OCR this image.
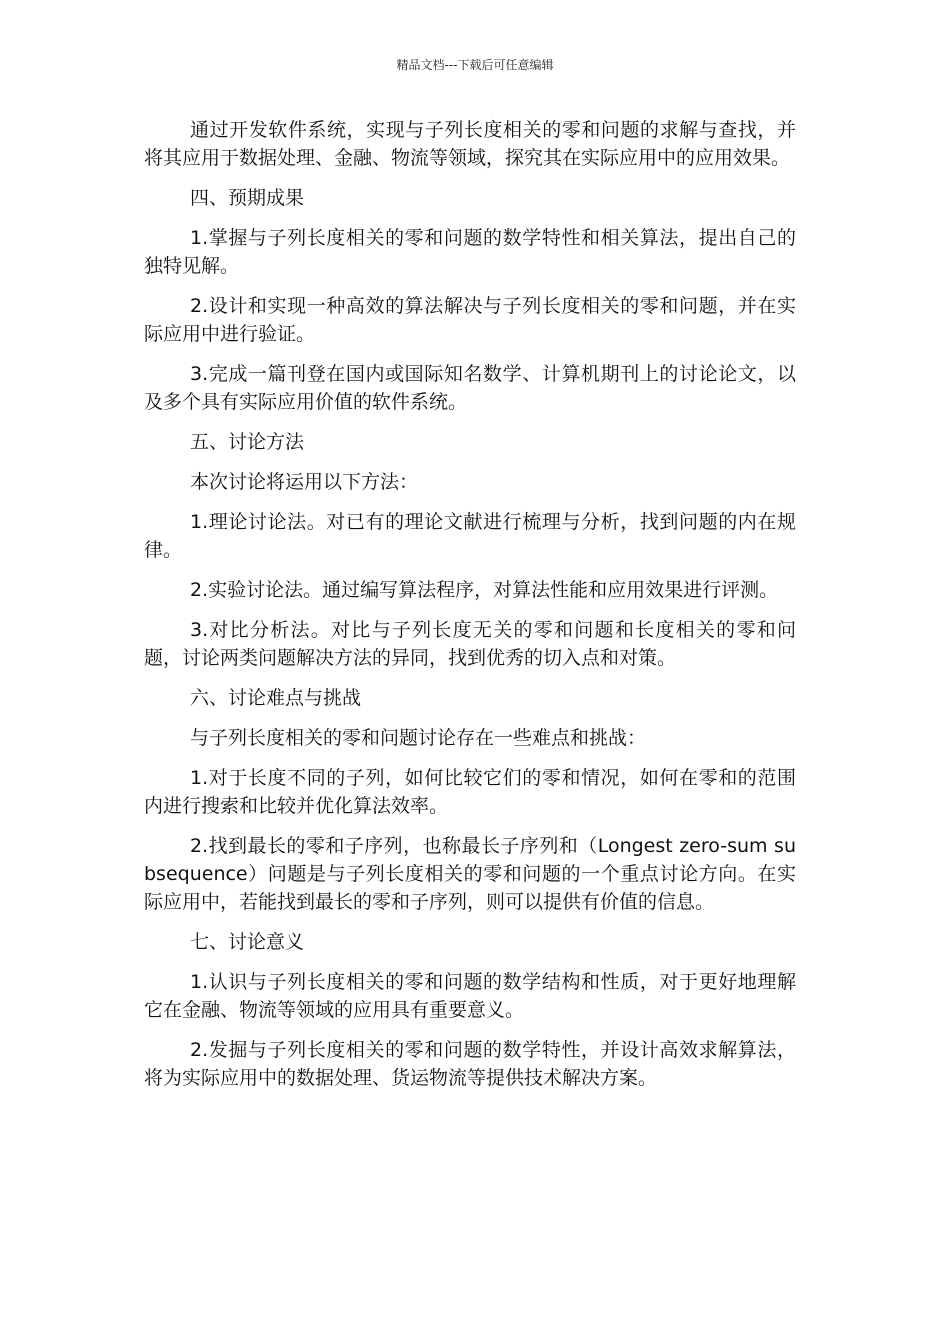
精品文档---下载后可任意编辑

通过开发软件系统，实现与子列长度相关的零和问题的求解与查找，并将其应用于数据处理、金融、物流等领域，探究其在实际应用中的应用效果。

四、预期成果

1.掌握与子列长度相关的零和问题的数学特性和相关算法，提出自己的独特见解。

2.设计和实现一种高效的算法解决与子列长度相关的零和问题，并在实际应用中进行验证。

3.完成一篇刊登在国内或国际知名数学、计算机期刊上的讨论论文，以及多个具有实际应用价值的软件系统。

五、讨论方法

本次讨论将运用以下方法：

1.理论讨论法。对已有的理论文献进行梳理与分析，找到问题的内在规律。

2.实验讨论法。通过编写算法程序，对算法性能和应用效果进行评测。

3.对比分析法。对比与子列长度无关的零和问题和长度相关的零和问题，讨论两类问题解决方法的异同，找到优秀的切入点和对策。

六、讨论难点与挑战

与子列长度相关的零和问题讨论存在一些难点和挑战：

1.对于长度不同的子列，如何比较它们的零和情况，如何在零和的范围内进行搜索和比较并优化算法效率。

2.找到最长的零和子序列，也称最长子序列和（Longest zero-sum subsequence）问题是与子列长度相关的零和问题的一个重点讨论方向。在实际应用中，若能找到最长的零和子序列，则可以提供有价值的信息。

七、讨论意义

1.认识与子列长度相关的零和问题的数学结构和性质，对于更好地理解它在金融、物流等领域的应用具有重要意义。

2.发掘与子列长度相关的零和问题的数学特性，并设计高效求解算法，将为实际应用中的数据处理、货运物流等提供技术解决方案。
